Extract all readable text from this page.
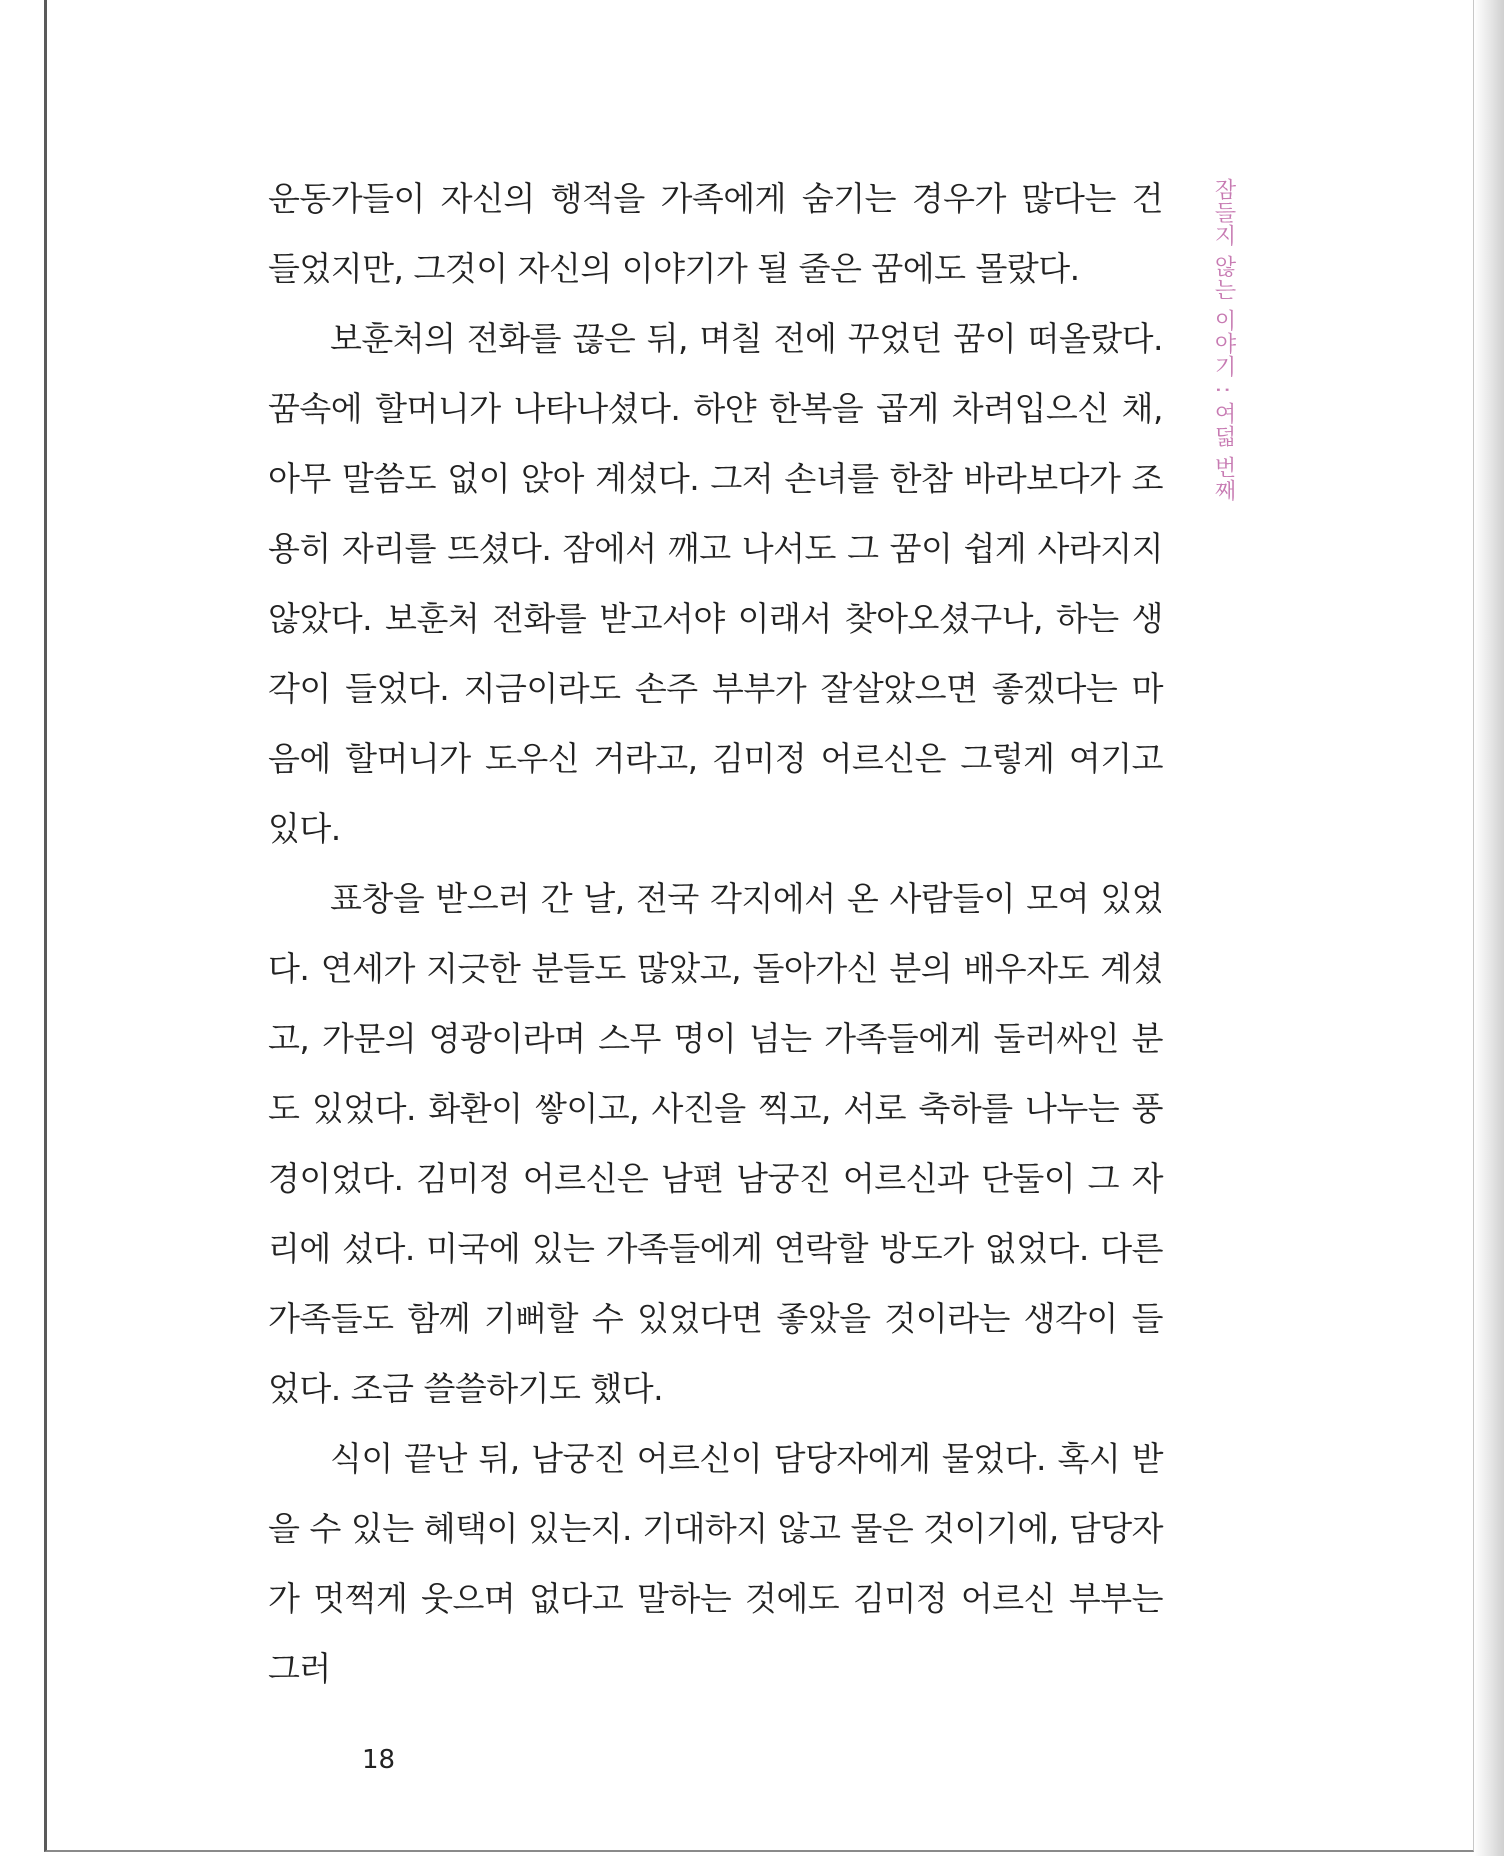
운동가들이 자신의 행적을 가족에게 숨기는 경우가 많다는 건 들었지만, 그것이 자신의 이야기가 될 줄은 꿈에도 몰랐다.

보훈처의 전화를 끊은 뒤, 며칠 전에 꾸었던 꿈이 떠올랐다. 꿈속에 할머니가 나타나셨다. 하얀 한복을 곱게 차려입으신 채, 아무 말씀도 없이 앉아 계셨다. 그저 손녀를 한참 바라보다가 조용히 자리를 뜨셨다. 잠에서 깨고 나서도 그 꿈이 쉽게 사라지지 않았다. 보훈처 전화를 받고서야 이래서 찾아오셨구나, 하는 생각이 들었다. 지금이라도 손주 부부가 잘살았으면 좋겠다는 마음에 할머니가 도우신 거라고, 김미정 어르신은 그렇게 여기고 있다.

표창을 받으러 간 날, 전국 각지에서 온 사람들이 모여 있었다. 연세가 지긋한 분들도 많았고, 돌아가신 분의 배우자도 계셨고, 가문의 영광이라며 스무 명이 넘는 가족들에게 둘러싸인 분도 있었다. 화환이 쌓이고, 사진을 찍고, 서로 축하를 나누는 풍경이었다. 김미정 어르신은 남편 남궁진 어르신과 단둘이 그 자리에 섰다. 미국에 있는 가족들에게 연락할 방도가 없었다. 다른 가족들도 함께 기뻐할 수 있었다면 좋았을 것이라는 생각이 들었다. 조금 쓸쓸하기도 했다.

식이 끝난 뒤, 남궁진 어르신이 담당자에게 물었다. 혹시 받을 수 있는 혜택이 있는지. 기대하지 않고 물은 것이기에, 담당자가 멋쩍게 웃으며 없다고 말하는 것에도 김미정 어르신 부부는 그러

잠들지 않는 이야기 : 여덟 번째
18
